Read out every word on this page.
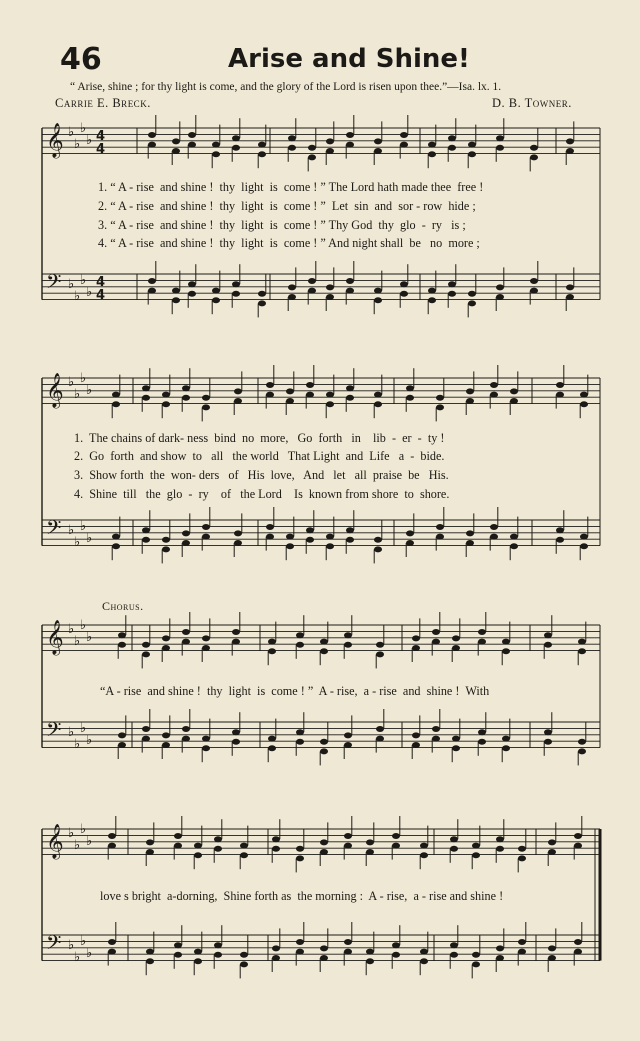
46	Arise and Shine!
“ Arise, shine ; for thy light is come, and the glory of the Lord is risen upon thee.”—Isa. lx. 1.
Carrie E. Breck.	D. B. Towner.
Chorus.
𝄞 ♭
♭
♭
♭ 4
4
𝄢 ♭
♭
♭
♭
4
4
𝄞 ♭
♭
♭
♭
𝄢 ♭
♭
♭
♭
𝄞 ♭
♭
♭
♭
𝄢 ♭
♭
♭
♭
𝄞 ♭
♭
♭
♭
𝄢 ♭
♭
♭
♭
1. “ A - rise  and shine !  thy  light  is  come ! ” The Lord hath made thee  free !
2. “ A - rise  and shine !  thy  light  is  come ! ”  Let  sin  and  sor - row  hide ;
3. “ A - rise  and shine !  thy  light  is  come ! ” Thy God  thy  glo  -  ry   is ;
4. “ A - rise  and shine !  thy  light  is  come ! ” And night shall  be   no  more ;
1.  The chains of dark- ness  bind  no  more,   Go  forth   in    lib  -  er  -  ty !
2.  Go  forth  and show  to   all   the world   That Light  and  Life   a  -  bide.
3.  Show forth  the  won- ders   of   His  love,   And   let   all  praise  be   His.
4.  Shine  till   the  glo  -  ry    of   the Lord    Is  known from shore  to  shore.
“A - rise  and shine !  thy  light  is  come ! ”  A - rise,  a - rise  and  shine !  With
love s bright  a-dorning,  Shine forth as  the morning :  A - rise,  a - rise and shine !
